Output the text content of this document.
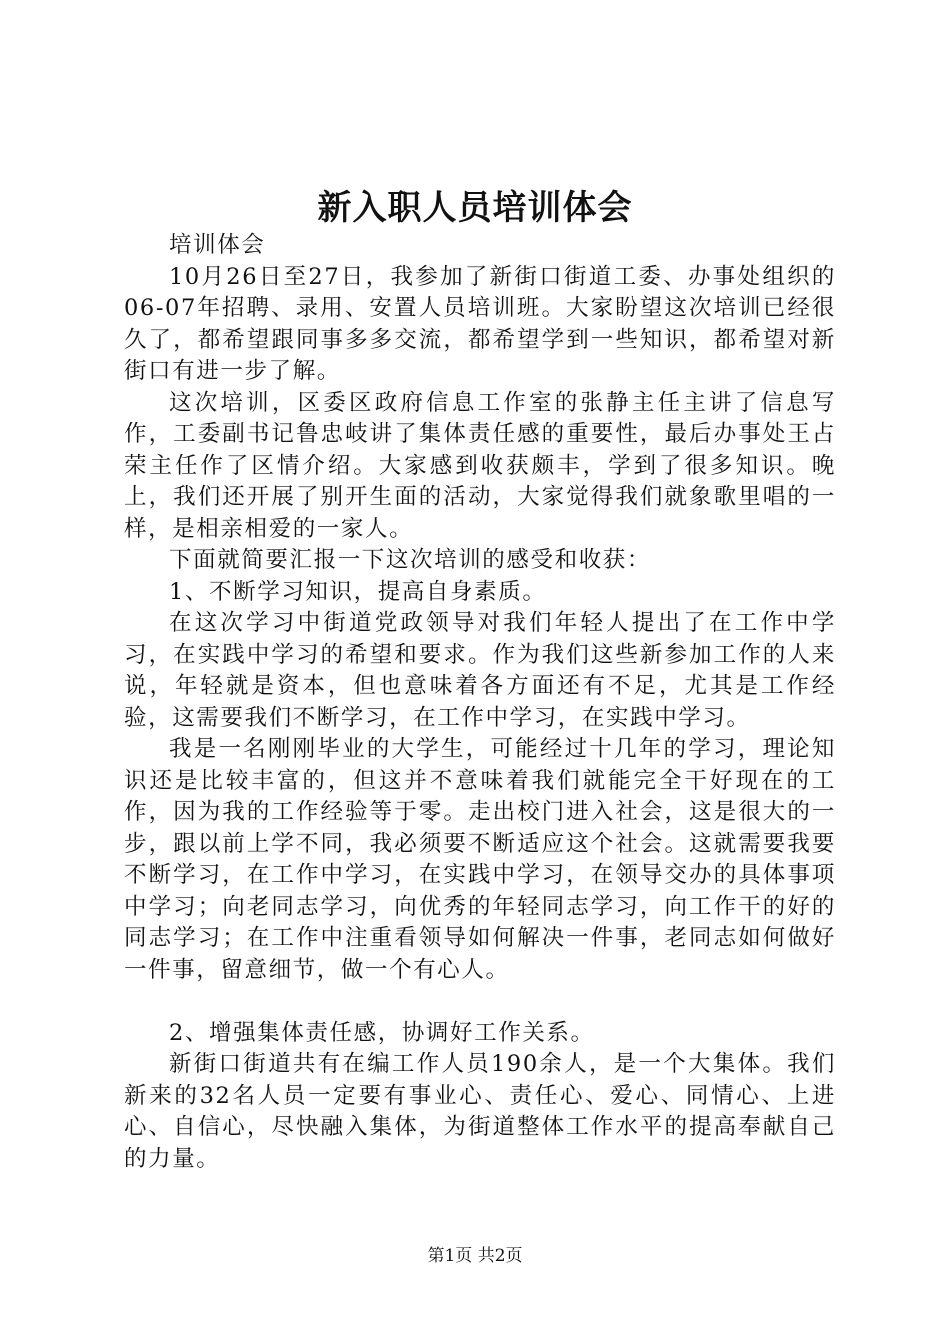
新入职人员培训体会

培训体会

10月26日至27日，我参加了新街口街道工委、办事处组织的06-07年招聘、录用、安置人员培训班。大家盼望这次培训已经很久了，都希望跟同事多多交流，都希望学到一些知识，都希望对新街口有进一步了解。

这次培训，区委区政府信息工作室的张静主任主讲了信息写作，工委副书记鲁忠岐讲了集体责任感的重要性，最后办事处王占荣主任作了区情介绍。大家感到收获颇丰，学到了很多知识。晚上，我们还开展了别开生面的活动，大家觉得我们就象歌里唱的一样，是相亲相爱的一家人。

下面就简要汇报一下这次培训的感受和收获：

1、不断学习知识，提高自身素质。

在这次学习中街道党政领导对我们年轻人提出了在工作中学习，在实践中学习的希望和要求。作为我们这些新参加工作的人来说，年轻就是资本，但也意味着各方面还有不足，尤其是工作经验，这需要我们不断学习，在工作中学习，在实践中学习。

我是一名刚刚毕业的大学生，可能经过十几年的学习，理论知识还是比较丰富的，但这并不意味着我们就能完全干好现在的工作，因为我的工作经验等于零。走出校门进入社会，这是很大的一步，跟以前上学不同，我必须要不断适应这个社会。这就需要我要不断学习，在工作中学习，在实践中学习，在领导交办的具体事项中学习；向老同志学习，向优秀的年轻同志学习，向工作干的好的同志学习；在工作中注重看领导如何解决一件事，老同志如何做好一件事，留意细节，做一个有心人。

2、增强集体责任感，协调好工作关系。

新街口街道共有在编工作人员190余人，是一个大集体。我们新来的32名人员一定要有事业心、责任心、爱心、同情心、上进心、自信心，尽快融入集体，为街道整体工作水平的提高奉献自己的力量。

第1页 共2页
